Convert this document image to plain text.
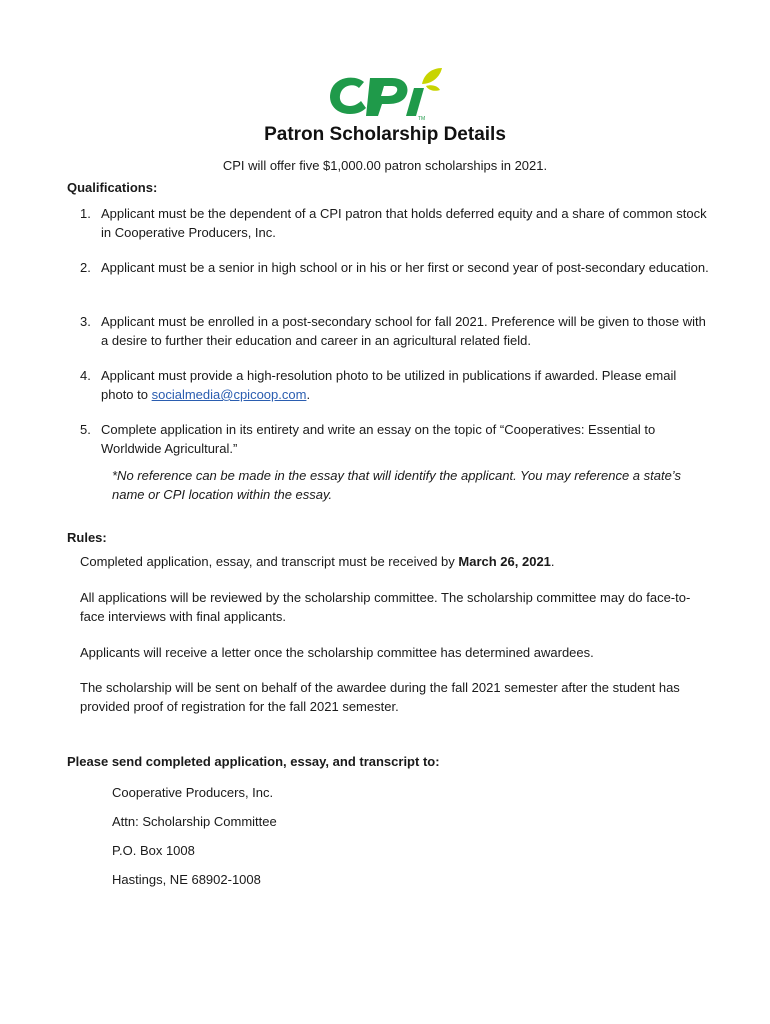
TM
Patron Scholarship Details
CPI will offer five $1,000.00 patron scholarships in 2021.
Qualifications:
1. Applicant must be the dependent of a CPI patron that holds deferred equity and a share of common stock in Cooperative Producers, Inc.
2. Applicant must be a senior in high school or in his or her first or second year of post-secondary education.
3. Applicant must be enrolled in a post-secondary school for fall 2021. Preference will be given to those with a desire to further their education and career in an agricultural related field.
4. Applicant must provide a high-resolution photo to be utilized in publications if awarded. Please email photo to socialmedia@cpicoop.com.
5. Complete application in its entirety and write an essay on the topic of “Cooperatives: Essential to Worldwide Agricultural.”
*No reference can be made in the essay that will identify the applicant. You may reference a state’s name or CPI location within the essay.
Rules:
Completed application, essay, and transcript must be received by March 26, 2021.
All applications will be reviewed by the scholarship committee. The scholarship committee may do face-to-face interviews with final applicants.
Applicants will receive a letter once the scholarship committee has determined awardees.
The scholarship will be sent on behalf of the awardee during the fall 2021 semester after the student has provided proof of registration for the fall 2021 semester.
Please send completed application, essay, and transcript to:
Cooperative Producers, Inc.
Attn: Scholarship Committee
P.O. Box 1008
Hastings, NE 68902-1008
